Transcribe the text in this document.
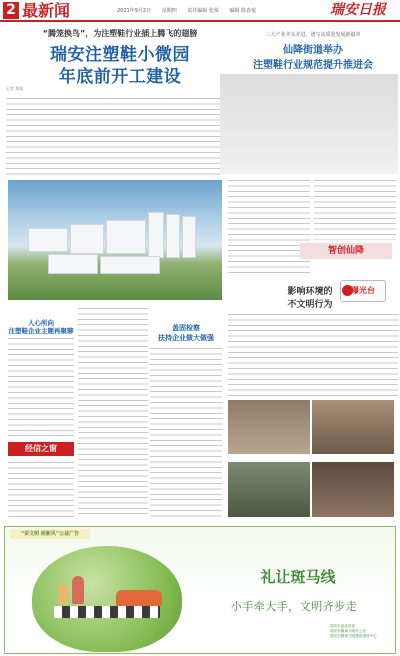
2 最新闻	2021年9月2日 星期四 责任编辑 张悦 编辑 陈春悦	瑞安日报
“腾笼换鸟”，为注塑鞋行业插上腾飞的翅膀
瑞安注塑鞋小微园
年底前开工建设
记者 郑晓
人心所向
注塑鞋企业主题再聚聊
经信之窗
盖固检察
扶持企业做大做强
三大产业齐头并进，谱写高质量发展新篇章
仙降街道举办
注塑鞋行业规范提升推进会
智创仙降
影响环境的
不文明行为
曝光台
“讲文明 树新风”公益广告
礼让斑马线
小手牵大手，文明齐步走
瑞安市委宣传部
瑞安市精神文明办公室
瑞安市精神文明建设指导中心
